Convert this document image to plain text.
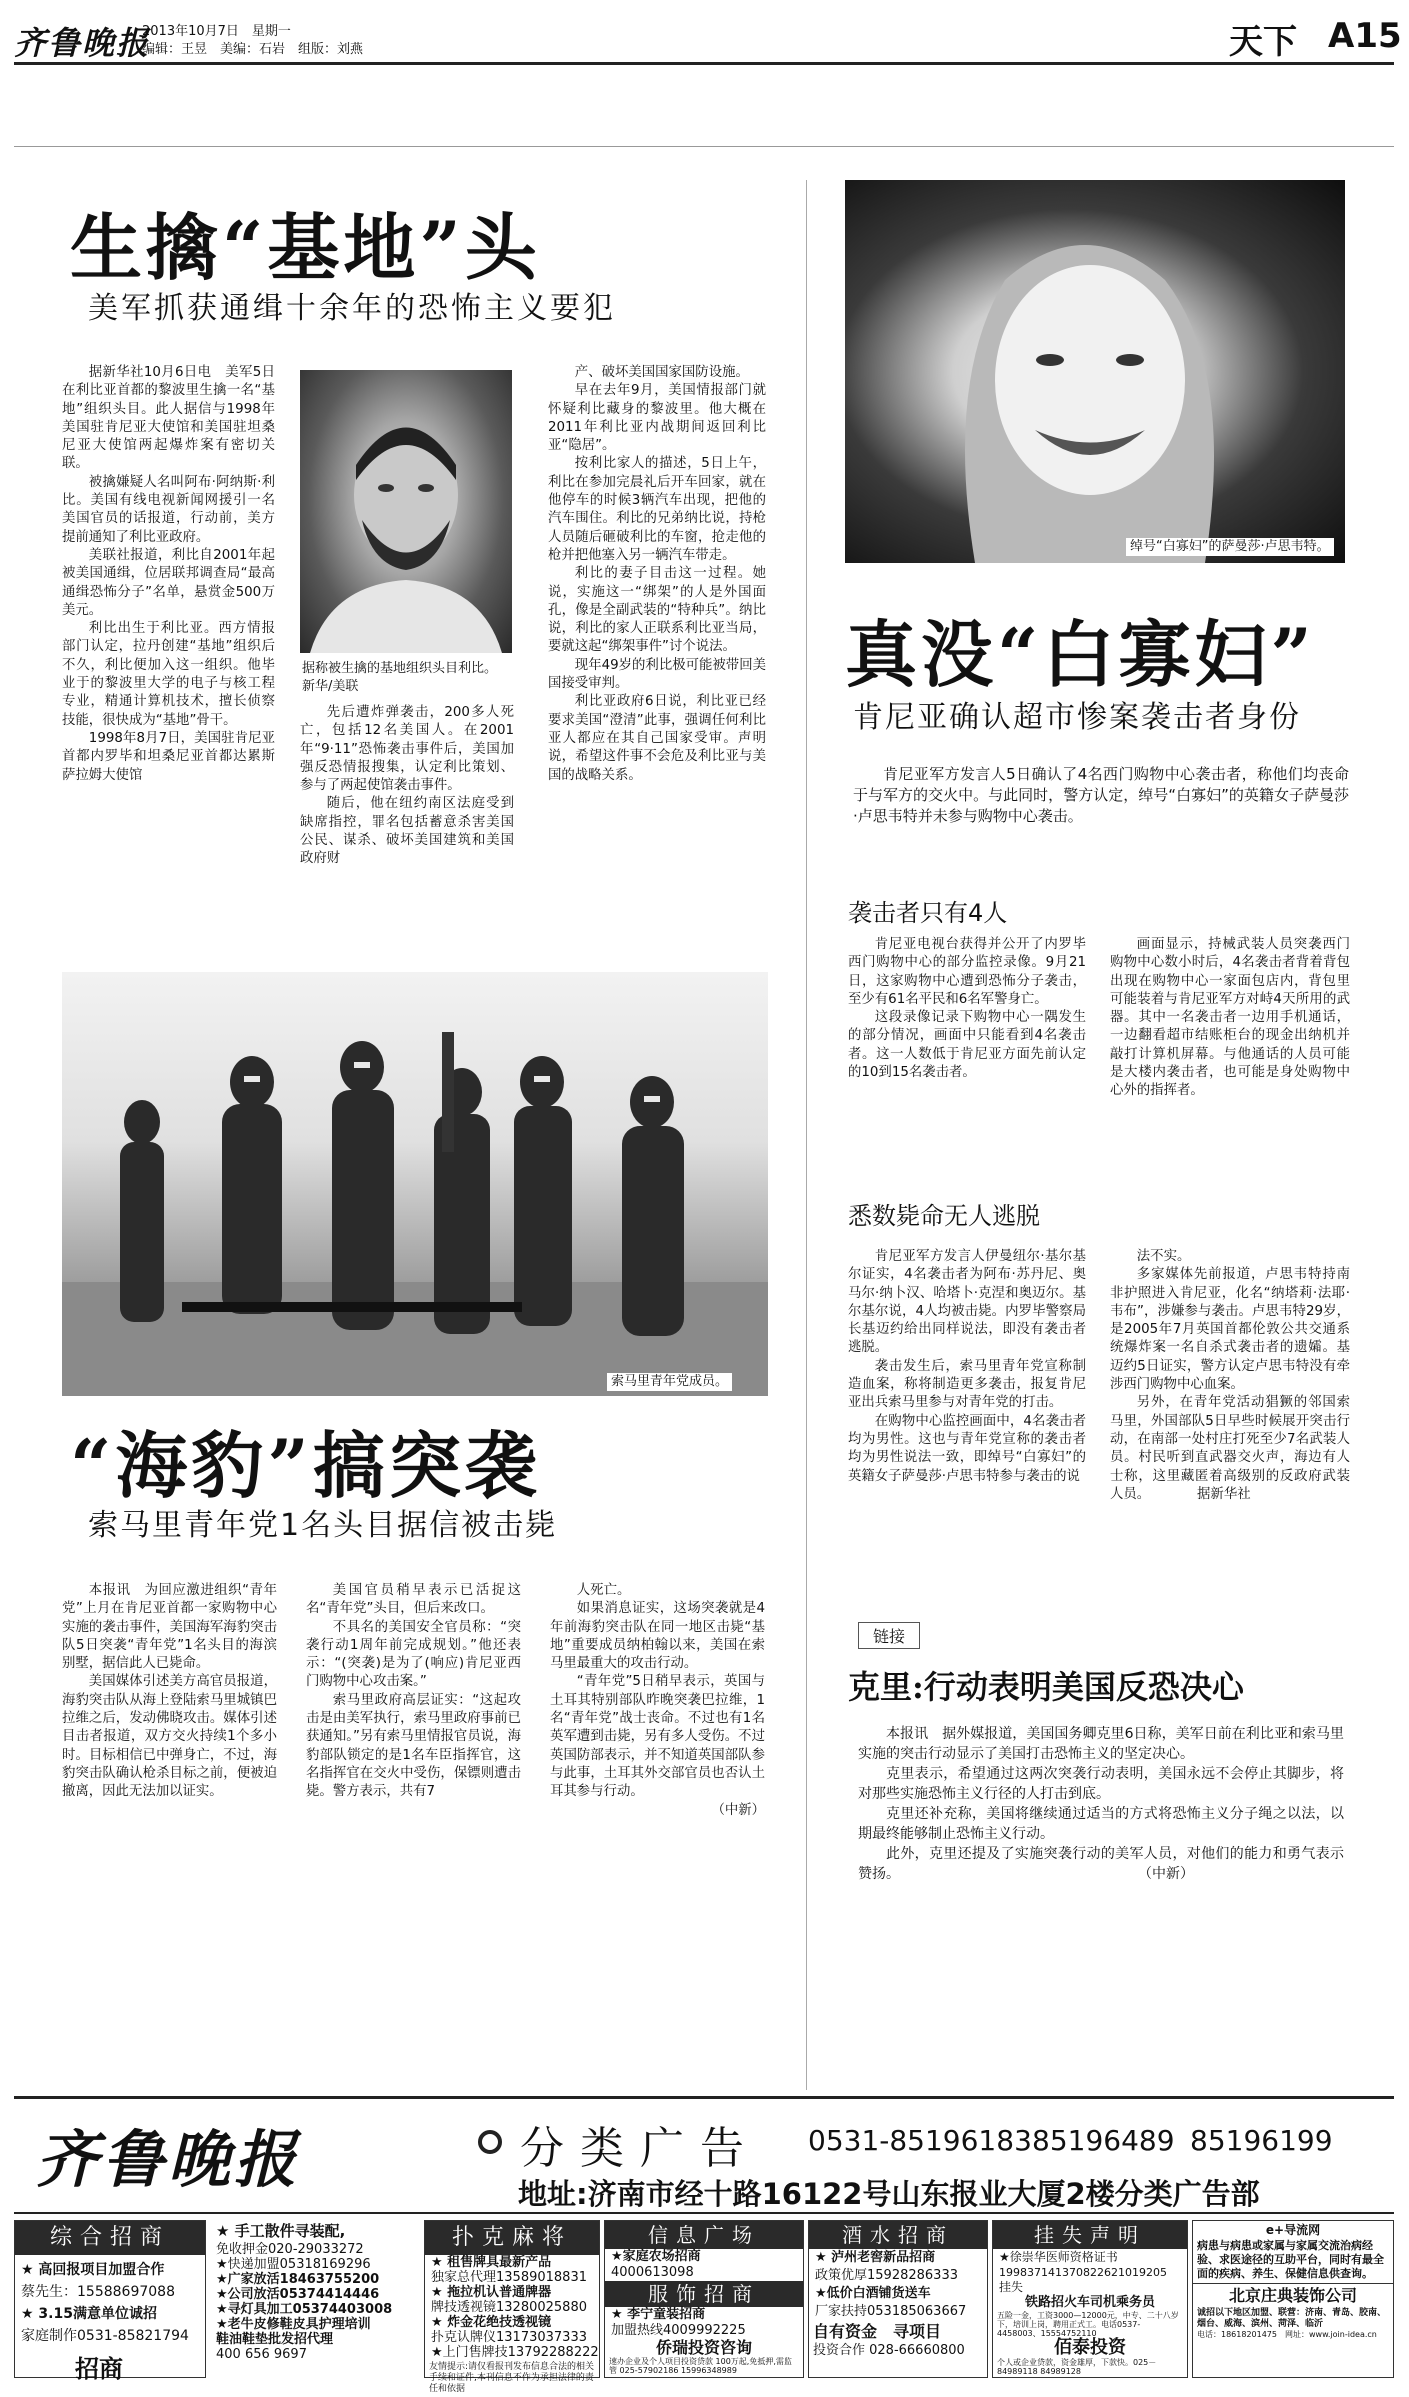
齐鲁晚报
2013年10月7日　星期一
编辑：王昱　美编：石岩　组版：刘燕	天下 A15
生擒“基地”头
美军抓获通缉十余年的恐怖主义要犯

据新华社10月6日电　美军5日在利比亚首都的黎波里生擒一名“基地”组织头目。此人据信与1998年美国驻肯尼亚大使馆和美国驻坦桑尼亚大使馆两起爆炸案有密切关联。

被擒嫌疑人名叫阿布·阿纳斯·利比。美国有线电视新闻网援引一名美国官员的话报道，行动前，美方提前通知了利比亚政府。

美联社报道，利比自2001年起被美国通缉，位居联邦调查局“最高通缉恐怖分子”名单，悬赏金500万美元。

利比出生于利比亚。西方情报部门认定，拉丹创建“基地”组织后不久，利比便加入这一组织。他毕业于的黎波里大学的电子与核工程专业，精通计算机技术，擅长侦察技能，很快成为“基地”骨干。

1998年8月7日，美国驻肯尼亚首都内罗毕和坦桑尼亚首都达累斯萨拉姆大使馆

据称被生擒的基地组织头目利比。　　新华/美联

先后遭炸弹袭击，200多人死亡，包括12名美国人。在2001年“9·11”恐怖袭击事件后，美国加强反恐情报搜集，认定利比策划、参与了两起使馆袭击事件。

随后，他在纽约南区法庭受到缺席指控，罪名包括蓄意杀害美国公民、谋杀、破坏美国建筑和美国政府财

产、破坏美国国家国防设施。

早在去年9月，美国情报部门就怀疑利比藏身的黎波里。他大概在2011年利比亚内战期间返回利比亚“隐居”。

按利比家人的描述，5日上午，利比在参加完晨礼后开车回家，就在他停车的时候3辆汽车出现，把他的汽车围住。利比的兄弟纳比说，持枪人员随后砸破利比的车窗，抢走他的枪并把他塞入另一辆汽车带走。

利比的妻子目击这一过程。她说，实施这一“绑架”的人是外国面孔，像是全副武装的“特种兵”。纳比说，利比的家人正联系利比亚当局，要就这起“绑架事件”讨个说法。

现年49岁的利比极可能被带回美国接受审判。

利比亚政府6日说，利比亚已经要求美国“澄清”此事，强调任何利比亚人都应在其自己国家受审。声明说，希望这件事不会危及利比亚与美国的战略关系。

索马里青年党成员。
“海豹”搞突袭
索马里青年党1名头目据信被击毙

本报讯　为回应激进组织“青年党”上月在肯尼亚首都一家购物中心实施的袭击事件，美国海军海豹突击队5日突袭“青年党”1名头目的海滨别墅，据信此人已毙命。

美国媒体引述美方高官员报道，海豹突击队从海上登陆索马里城镇巴拉维之后，发动佛晓攻击。媒体引述目击者报道，双方交火持续1个多小时。目标相信已中弹身亡，不过，海豹突击队确认枪杀目标之前，便被迫撤离，因此无法加以证实。

美国官员稍早表示已活捉这名“青年党”头目，但后来改口。

不具名的美国安全官员称：“突袭行动1周年前完成规划。”他还表示：“(突袭)是为了(响应)肯尼亚西门购物中心攻击案。”

索马里政府高层证实：“这起攻击是由美军执行，索马里政府事前已获通知。”另有索马里情报官员说，海豹部队锁定的是1名车臣指挥官，这名指挥官在交火中受伤，保镖则遭击毙。警方表示，共有7

人死亡。

如果消息证实，这场突袭就是4年前海豹突击队在同一地区击毙“基地”重要成员纳柏翰以来，美国在索马里最重大的攻击行动。

“青年党”5日稍早表示，英国与土耳其特别部队昨晚突袭巴拉维，1名“青年党”战士丧命。不过也有1名英军遭到击毙，另有多人受伤。不过英国防部表示，并不知道英国部队参与此事，土耳其外交部官员也否认土耳其参与行动。

（中新）

绰号“白寡妇”的萨曼莎·卢思韦特。
真没“白寡妇”
肯尼亚确认超市惨案袭击者身份
肯尼亚军方发言人5日确认了4名西门购物中心袭击者，称他们均丧命于与军方的交火中。与此同时，警方认定，绰号“白寡妇”的英籍女子萨曼莎·卢思韦特并未参与购物中心袭击。
袭击者只有4人

肯尼亚电视台获得并公开了内罗毕西门购物中心的部分监控录像。9月21日，这家购物中心遭到恐怖分子袭击，至少有61名平民和6名军警身亡。

这段录像记录下购物中心一隅发生的部分情况，画面中只能看到4名袭击者。这一人数低于肯尼亚方面先前认定的10到15名袭击者。

画面显示，持械武装人员突袭西门购物中心数小时后，4名袭击者背着背包出现在购物中心一家面包店内，背包里可能装着与肯尼亚军方对峙4天所用的武器。其中一名袭击者一边用手机通话，一边翻看超市结账柜台的现金出纳机并敲打计算机屏幕。与他通话的人员可能是大楼内袭击者，也可能是身处购物中心外的指挥者。

悉数毙命无人逃脱

肯尼亚军方发言人伊曼纽尔·基尔基尔证实，4名袭击者为阿布·苏丹尼、奥马尔·纳卜汉、哈塔卜·克涅和奥迈尔。基尔基尔说，4人均被击毙。内罗毕警察局长基迈约给出同样说法，即没有袭击者逃脱。

袭击发生后，索马里青年党宣称制造血案，称将制造更多袭击，报复肯尼亚出兵索马里参与对青年党的打击。

在购物中心监控画面中，4名袭击者均为男性。这也与青年党宣称的袭击者均为男性说法一致，即绰号“白寡妇”的英籍女子萨曼莎·卢思韦特参与袭击的说

法不实。

多家媒体先前报道，卢思韦特持南非护照进入肯尼亚，化名“纳塔莉·法耶·韦布”，涉嫌参与袭击。卢思韦特29岁，是2005年7月英国首都伦敦公共交通系统爆炸案一名自杀式袭击者的遗孀。基迈约5日证实，警方认定卢思韦特没有牵涉西门购物中心血案。

另外，在青年党活动猖獗的邻国索马里，外国部队5日早些时候展开突击行动，在南部一处村庄打死至少7名武装人员。村民听到直武器交火声，海边有人士称，这里藏匿着高级别的反政府武装人员。　　　　据新华社

链接
克里:行动表明美国反恐决心

本报讯　据外媒报道，美国国务卿克里6日称，美军日前在利比亚和索马里实施的突击行动显示了美国打击恐怖主义的坚定决心。

克里表示，希望通过这两次突袭行动表明，美国永远不会停止其脚步，将对那些实施恐怖主义行径的人打击到底。

克里还补充称，美国将继续通过适当的方式将恐怖主义分子绳之以法，以期最终能够制止恐怖主义行动。

此外，克里还提及了实施突袭行动的美军人员，对他们的能力和勇气表示赞扬。　　　　　　　　　　　　　　　　　　（中新）

齐鲁晚报	分类广告 0531-85196183 85196489 85196199
地址:济南市经十路16122号山东报业大厦2楼分类广告部
综合招商
★ 高回报项目加盟合作
蔡先生：15588697088
★ 3.15满意单位诚招
家庭制作0531-85821794
招商
★ 手工散件寻装配,
免收押金020-29033272
★快递加盟05318169296
★广家放活18463755200
★公司放活05374414446
★寻灯具加工05374403008
★老牛皮修鞋皮具护理培训
鞋油鞋垫批发招代理
400 656 9697
扑克麻将
★ 租售牌具最新产品
独家总代理13589018831
★ 拖拉机认普通牌器
牌技透视镜13280025880
★ 炸金花绝技透视镜
扑克认牌仪13173037333
★上门售牌技13792288222
友情提示:请仅看报刊发布信息合法的相关手续和证件,本刊信息不作为承担法律的责任和依据
信息广场
★家庭农场招商
4000613098
服饰招商
★ 李宁童装招商
加盟热线4009992225
侨瑞投资咨询
速办企业及个人项目投资贷款 100万起,免抵押,需监管 025-57902186 15996348989
酒水招商
★ 泸州老窖新品招商
政策优厚15928286333
★低价白酒铺货送车
厂家扶持053185063667
自有资金　寻项目
投资合作 028-66660800
挂失声明
★徐崇华医师资格证书
199837141370822621019205
挂失
铁路招火车司机乘务员
五险一金，工资3000—12000元，中专、二十八岁下，培训上岗，聘用正式工。电话0537-4458003、15554752110
佰泰投资
个人或企业贷款，资金雄厚，下款快。025－84989118 84989128
e+导流网
病患与病患或家属与家属交流治病经验、求医途径的互助平台，同时有最全面的疾病、养生、保健信息供查询。
北京庄典装饰公司
诚招以下地区加盟、联营：济南、青岛、胶南、烟台、威海、滨州、菏泽、临沂
电话：18618201475　网址：www.join-idea.cn
